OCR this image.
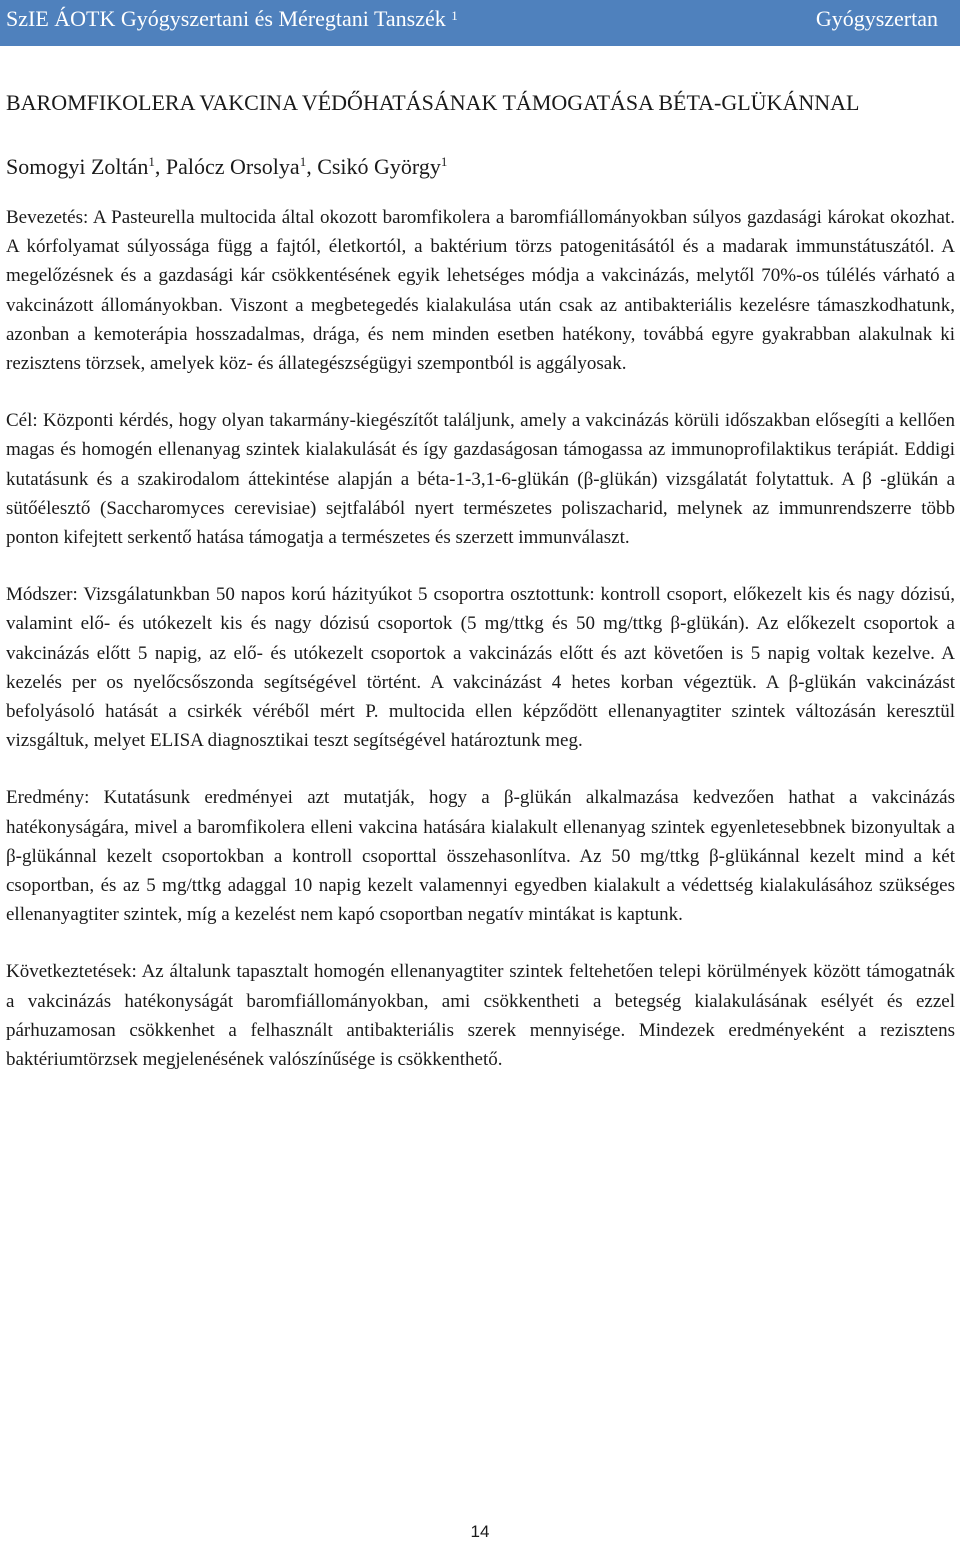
SzIE ÁOTK Gyógyszertani és Méregtani Tanszék $^1$	Gyógyszertan

BAROMFIKOLERA VAKCINA VÉDŐHATÁSÁNAK TÁMOGATÁSA BÉTA-GLÜKÁNNAL

Somogyi Zoltán$^1$, Palócz Orsolya$^1$, Csikó György$^1$

Bevezetés: A Pasteurella multocida által okozott baromfikolera a baromfiállományokban súlyos gazdasági károkat okozhat. A kórfolyamat súlyossága függ a fajtól, életkortól, a baktérium törzs patogenitásától és a madarak immunstátuszától. A megelőzésnek és a gazdasági kár csökkentésének egyik lehetséges módja a vakcinázás, melytől 70%-os túlélés várható a vakcinázott állományokban. Viszont a megbetegedés kialakulása után csak az antibakteriális kezelésre támaszkodhatunk, azonban a kemoterápia hosszadalmas, drága, és nem minden esetben hatékony, továbbá egyre gyakrabban alakulnak ki rezisztens törzsek, amelyek köz- és állategészségügyi szempontból is aggályosak.

Cél: Központi kérdés, hogy olyan takarmány-kiegészítőt találjunk, amely a vakcinázás körüli időszakban elősegíti a kellően magas és homogén ellenanyag szintek kialakulását és így gazdaságosan támogassa az immunoprofilaktikus terápiát. Eddigi kutatásunk és a szakirodalom áttekintése alapján a béta-1-3,1-6-glükán (β-glükán) vizsgálatát folytattuk. A β -glükán a sütőélesztő (Saccharomyces cerevisiae) sejtfalából nyert természetes poliszacharid, melynek az immunrendszerre több ponton kifejtett serkentő hatása támogatja a természetes és szerzett immunválaszt.

Módszer: Vizsgálatunkban 50 napos korú házityúkot 5 csoportra osztottunk: kontroll csoport, előkezelt kis és nagy dózisú, valamint elő- és utókezelt kis és nagy dózisú csoportok (5 mg/ttkg és 50 mg/ttkg β-glükán). Az előkezelt csoportok a vakcinázás előtt 5 napig, az elő- és utókezelt csoportok a vakcinázás előtt és azt követően is 5 napig voltak kezelve. A kezelés per os nyelőcsőszonda segítségével történt. A vakcinázást 4 hetes korban végeztük. A β-glükán vakcinázást befolyásoló hatását a csirkék véréből mért P. multocida ellen képződött ellenanyagtiter szintek változásán keresztül vizsgáltuk, melyet ELISA diagnosztikai teszt segítségével határoztunk meg.

Eredmény: Kutatásunk eredményei azt mutatják, hogy a β-glükán alkalmazása kedvezően hathat a vakcinázás hatékonyságára, mivel a baromfikolera elleni vakcina hatására kialakult ellenanyag szintek egyenletesebbnek bizonyultak a β-glükánnal kezelt csoportokban a kontroll csoporttal összehasonlítva. Az 50 mg/ttkg β-glükánnal kezelt mind a két csoportban, és az 5 mg/ttkg adaggal 10 napig kezelt valamennyi egyedben kialakult a védettség kialakulásához szükséges ellenanyagtiter szintek, míg a kezelést nem kapó csoportban negatív mintákat is kaptunk.

Következtetések: Az általunk tapasztalt homogén ellenanyagtiter szintek feltehetően telepi körülmények között támogatnák a vakcinázás hatékonyságát baromfiállományokban, ami csökkentheti a betegség kialakulásának esélyét és ezzel párhuzamosan csökkenhet a felhasznált antibakteriális szerek mennyisége. Mindezek eredményeként a rezisztens baktériumtörzsek megjelenésének valószínűsége is csökkenthető.

14
